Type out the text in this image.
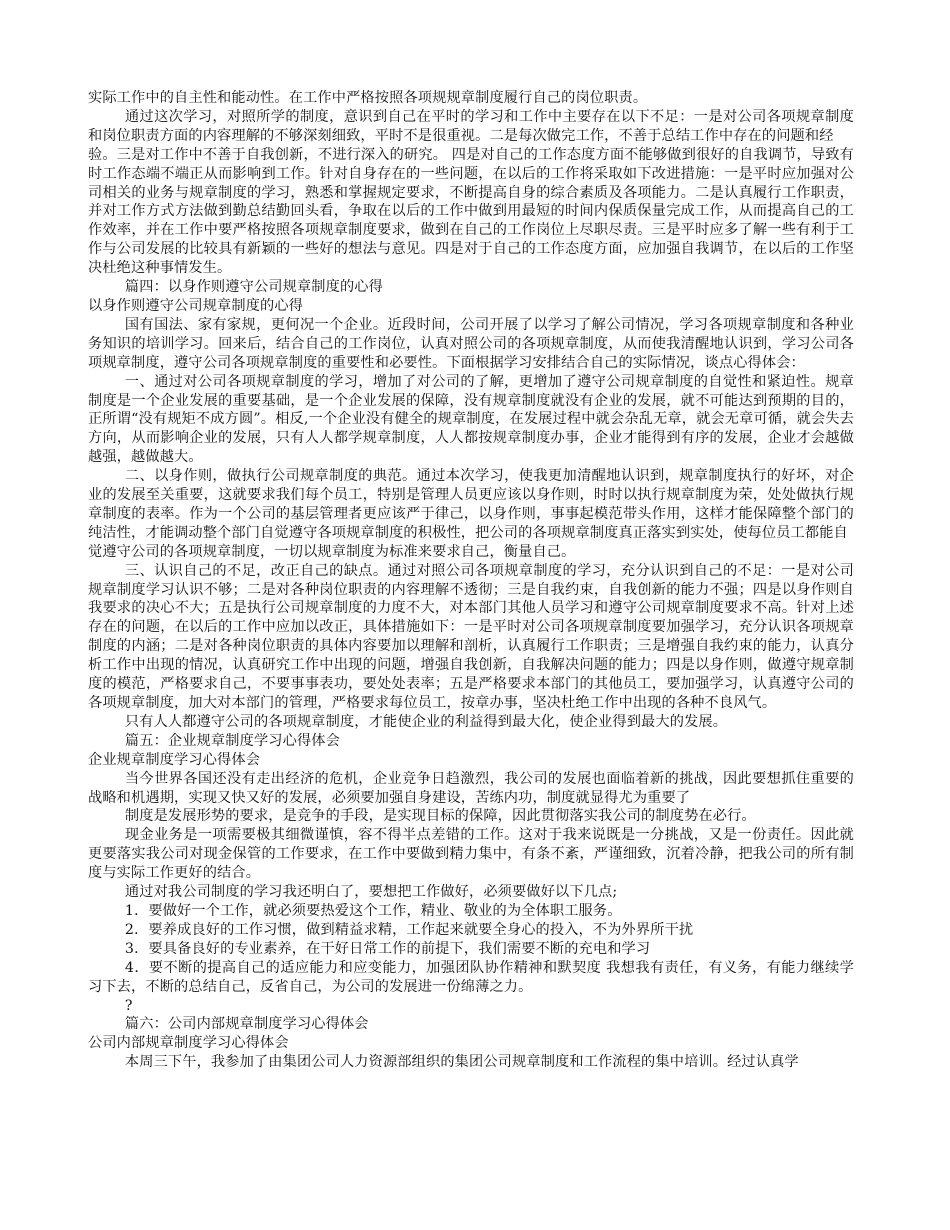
实际工作中的自主性和能动性。在工作中严格按照各项规规章制度履行自己的岗位职责。

通过这次学习，对照所学的制度，意识到自己在平时的学习和工作中主要存在以下不足：一是对公司各项规章制度和岗位职责方面的内容理解的不够深刻细致，平时不是很重视。二是每次做完工作，不善于总结工作中存在的问题和经

验。三是对工作中不善于自我创新，不进行深入的研究。 四是对自己的工作态度方面不能够做到很好的自我调节，导致有时工作态端不端正从而影响到工作。针对自身存在的一些问题，在以后的工作将采取如下改进措施：一是平时应加强对公司相关的业务与规章制度的学习，熟悉和掌握规定要求，不断提高自身的综合素质及各项能力。二是认真履行工作职责，并对工作方式方法做到勤总结勤回头看，争取在以后的工作中做到用最短的时间内保质保量完成工作，从而提高自己的工作效率，并在工作中要严格按照各项规章制度要求，做到在自己的工作岗位上尽职尽责。三是平时应多了解一些有利于工作与公司发展的比较具有新颖的一些好的想法与意见。四是对于自己的工作态度方面，应加强自我调节，在以后的工作坚决杜绝这种事情发生。

篇四：以身作则遵守公司规章制度的心得

以身作则遵守公司规章制度的心得

国有国法、家有家规，更何况一个企业。近段时间，公司开展了以学习了解公司情况，学习各项规章制度和各种业务知识的培训学习。回来后，结合自己的工作岗位，认真对照公司的各项规章制度，从而使我清醒地认识到，学习公司各项规章制度，遵守公司各项规章制度的重要性和必要性。下面根据学习安排结合自己的实际情况，谈点心得体会：

一、通过对公司各项规章制度的学习，增加了对公司的了解，更增加了遵守公司规章制度的自觉性和紧迫性。规章制度是一个企业发展的重要基础，是一个企业发展的保障，没有规章制度就没有企业的发展，就不可能达到预期的目的，正所谓“没有规矩不成方圆”。相反,一个企业没有健全的规章制度，在发展过程中就会杂乱无章，就会无章可循，就会失去方向，从而影响企业的发展，只有人人都学规章制度，人人都按规章制度办事，企业才能得到有序的发展，企业才会越做越强，越做越大。

二、以身作则，做执行公司规章制度的典范。通过本次学习，使我更加清醒地认识到，规章制度执行的好坏，对企业的发展至关重要，这就要求我们每个员工，特别是管理人员更应该以身作则，时时以执行规章制度为荣，处处做执行规章制度的表率。作为一个公司的基层管理者更应该严于律己，以身作则，事事起模范带头作用，这样才能保障整个部门的纯洁性，才能调动整个部门自觉遵守各项规章制度的积极性，把公司的各项规章制度真正落实到实处，使每位员工都能自

觉遵守公司的各项规章制度，一切以规章制度为标准来要求自己，衡量自己。

三、认识自己的不足，改正自己的缺点。通过对照公司各项规章制度的学习，充分认识到自己的不足：一是对公司规章制度学习认识不够；二是对各种岗位职责的内容理解不透彻；三是自我约束，自我创新的能力不强；四是以身作则自我要求的决心不大；五是执行公司规章制度的力度不大，对本部门其他人员学习和遵守公司规章制度要求不高。针对上述存在的问题，在以后的工作中应加以改正，具体措施如下：一是平时对公司各项规章制度要加强学习，充分认识各项规章制度的内涵；二是对各种岗位职责的具体内容要加以理解和剖析，认真履行工作职责；三是增强自我约束的能力，认真分析工作中出现的情况，认真研究工作中出现的问题，增强自我创新，自我解决问题的能力；四是以身作则，做遵守规章制度的模范，严格要求自己，不要事事表功，要处处表率；五是严格要求本部门的其他员工，要加强学习，认真遵守公司的各项规章制度，加大对本部门的管理，严格要求每位员工，按章办事，坚决杜绝工作中出现的各种不良风气。

只有人人都遵守公司的各项规章制度，才能使企业的利益得到最大化，使企业得到最大的发展。

篇五：企业规章制度学习心得体会

企业规章制度学习心得体会

当今世界各国还没有走出经济的危机，企业竞争日趋激烈，我公司的发展也面临着新的挑战，因此要想抓住重要的战略和机遇期，实现又快又好的发展，必须要加强自身建设，苦练内功，制度就显得尤为重要了

制度是发展形势的要求，是竞争的手段，是实现目标的保障，因此贯彻落实我公司的制度势在必行。

现金业务是一项需要极其细微谨慎，容不得半点差错的工作。这对于我来说既是一分挑战，又是一份责任。因此就更要落实我公司对现金保管的工作要求，在工作中要做到精力集中，有条不紊，严谨细致，沉着冷静，把我公司的所有制度与实际工作更好的结合。

通过对我公司制度的学习我还明白了，要想把工作做好，必须要做好以下几点;

1．要做好一个工作，就必须要热爱这个工作，精业、敬业的为全体职工服务。

2．要养成良好的工作习惯，做到精益求精，工作起来就要全身心的投入，不为外界所干扰

3．要具备良好的专业素养，在干好日常工作的前提下，我们需要不断的充电和学习

4．要不断的提高自己的适应能力和应变能力，加强团队协作精神和默契度 我想我有责任，有义务，有能力继续学习下去，不断的总结自己，反省自己，为公司的发展进一份绵薄之力。

?

篇六：公司内部规章制度学习心得体会

公司内部规章制度学习心得体会

本周三下午，我参加了由集团公司人力资源部组织的集团公司规章制度和工作流程的集中培训。经过认真学
